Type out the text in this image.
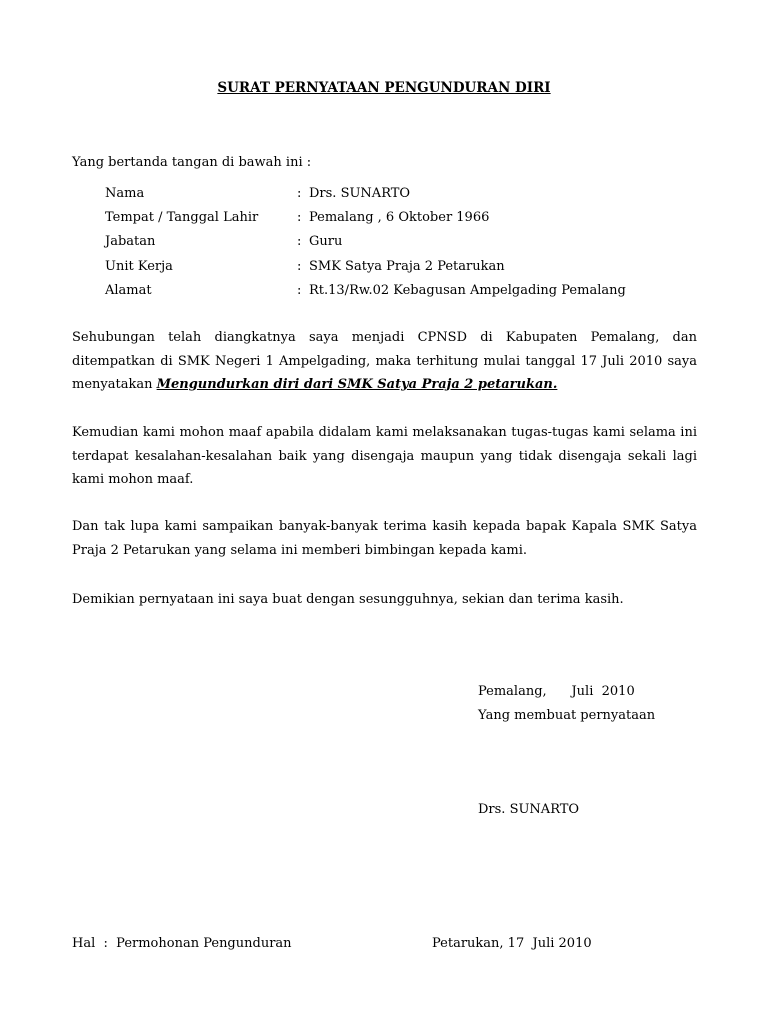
SURAT PERNYATAAN PENGUNDURAN DIRI
Yang bertanda tangan di bawah ini :
Nama	: Drs. SUNARTO
Tempat / Tanggal Lahir	: Pemalang , 6 Oktober 1966
Jabatan	: Guru
Unit Kerja	: SMK Satya Praja 2 Petarukan
Alamat	: Rt.13/Rw.02 Kebagusan Ampelgading Pemalang
Sehubungan telah diangkatnya saya menjadi CPNSD di Kabupaten Pemalang, dan ditempatkan di SMK Negeri 1 Ampelgading, maka terhitung mulai tanggal 17 Juli 2010 saya menyatakan Mengundurkan diri dari SMK Satya Praja 2 petarukan.
Kemudian kami mohon maaf apabila didalam kami melaksanakan tugas-tugas kami selama ini terdapat kesalahan-kesalahan baik yang disengaja maupun yang tidak disengaja sekali lagi kami mohon maaf.
Dan tak lupa kami sampaikan banyak-banyak terima kasih kepada bapak Kapala SMK Satya Praja 2 Petarukan yang selama ini memberi bimbingan kepada kami.
Demikian pernyataan ini saya buat dengan sesungguhnya, sekian dan terima kasih.
Pemalang,      Juli  2010
Yang membuat pernyataan
Drs. SUNARTO
Hal  :  Permohonan Pengunduran	Petarukan, 17  Juli 2010
